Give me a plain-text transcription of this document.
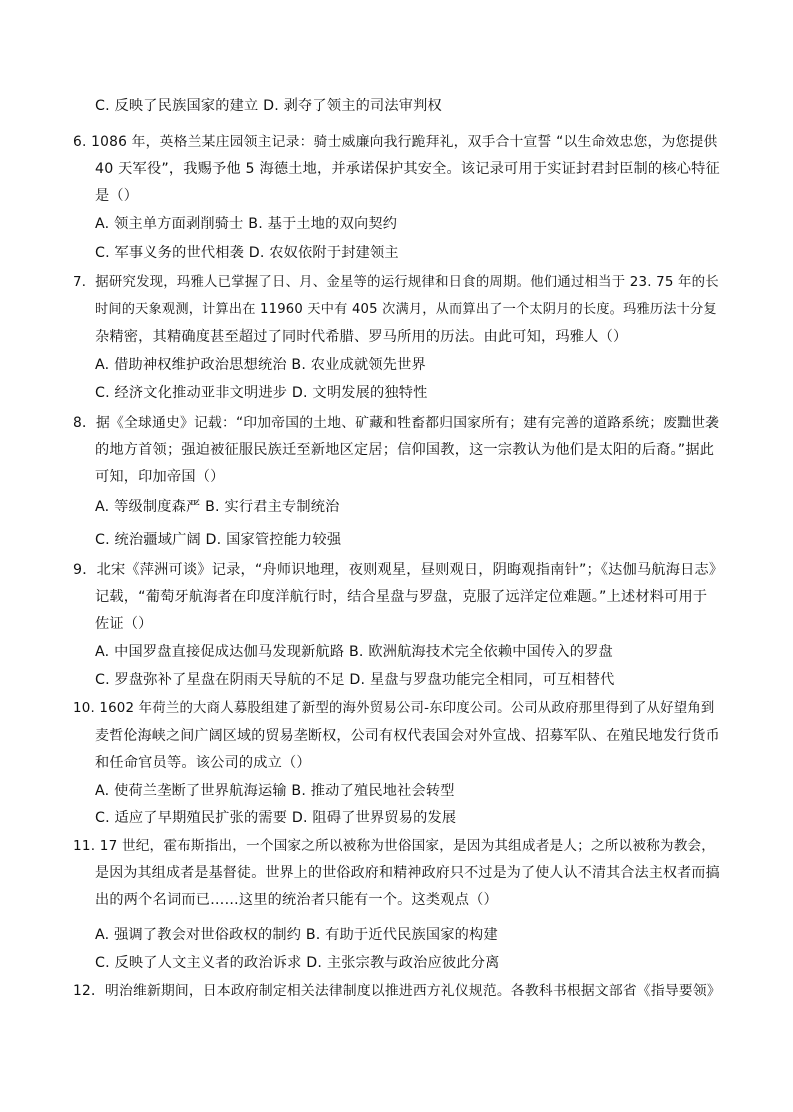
C. 反映了民族国家的建立 D. 剥夺了领主的司法审判权
6. 1086 年，英格兰某庄园领主记录：骑士威廉向我行跪拜礼，双手合十宣誓 “以生命效忠您，为您提供
40 天军役”，我赐予他 5 海德土地，并承诺保护其安全。该记录可用于实证封君封臣制的核心特征
是（）
A. 领主单方面剥削骑士 B. 基于土地的双向契约
C. 军事义务的世代相袭 D. 农奴依附于封建领主
7．据研究发现，玛雅人已掌握了日、月、金星等的运行规律和日食的周期。他们通过相当于 23. 75 年的长
时间的天象观测，计算出在 11960 天中有 405 次满月，从而算出了一个太阴月的长度。玛雅历法十分复
杂精密，其精确度甚至超过了同时代希腊、罗马所用的历法。由此可知，玛雅人（）
A. 借助神权维护政治思想统治 B. 农业成就领先世界
C. 经济文化推动亚非文明进步 D. 文明发展的独特性
8．据《全球通史》记载：“印加帝国的土地、矿藏和牲畜都归国家所有；建有完善的道路系统；废黜世袭
的地方首领；强迫被征服民族迁至新地区定居；信仰国教，这一宗教认为他们是太阳的后裔。”据此
可知，印加帝国（）
A. 等级制度森严 B. 实行君主专制统治
C. 统治疆域广阔 D. 国家管控能力较强
9．北宋《萍洲可谈》记录，“舟师识地理，夜则观星，昼则观日，阴晦观指南针”；《达伽马航海日志》
记载，“葡萄牙航海者在印度洋航行时，结合星盘与罗盘，克服了远洋定位难题。”上述材料可用于
佐证（）
A. 中国罗盘直接促成达伽马发现新航路 B. 欧洲航海技术完全依赖中国传入的罗盘
C. 罗盘弥补了星盘在阴雨天导航的不足 D. 星盘与罗盘功能完全相同，可互相替代
10. 1602 年荷兰的大商人募股组建了新型的海外贸易公司-东印度公司。公司从政府那里得到了从好望角到
麦哲伦海峡之间广阔区域的贸易垄断权，公司有权代表国会对外宣战、招募军队、在殖民地发行货币
和任命官员等。该公司的成立（）
A. 使荷兰垄断了世界航海运输 B. 推动了殖民地社会转型
C. 适应了早期殖民扩张的需要 D. 阻碍了世界贸易的发展
11. 17 世纪，霍布斯指出，一个国家之所以被称为世俗国家，是因为其组成者是人；之所以被称为教会，
是因为其组成者是基督徒。世界上的世俗政府和精神政府只不过是为了使人认不清其合法主权者而搞
出的两个名词而已……这里的统治者只能有一个。这类观点（）
A. 强调了教会对世俗政权的制约 B. 有助于近代民族国家的构建
C. 反映了人文主义者的政治诉求 D. 主张宗教与政治应彼此分离
12．明治维新期间，日本政府制定相关法律制度以推进西方礼仪规范。各教科书根据文部省《指导要领》
